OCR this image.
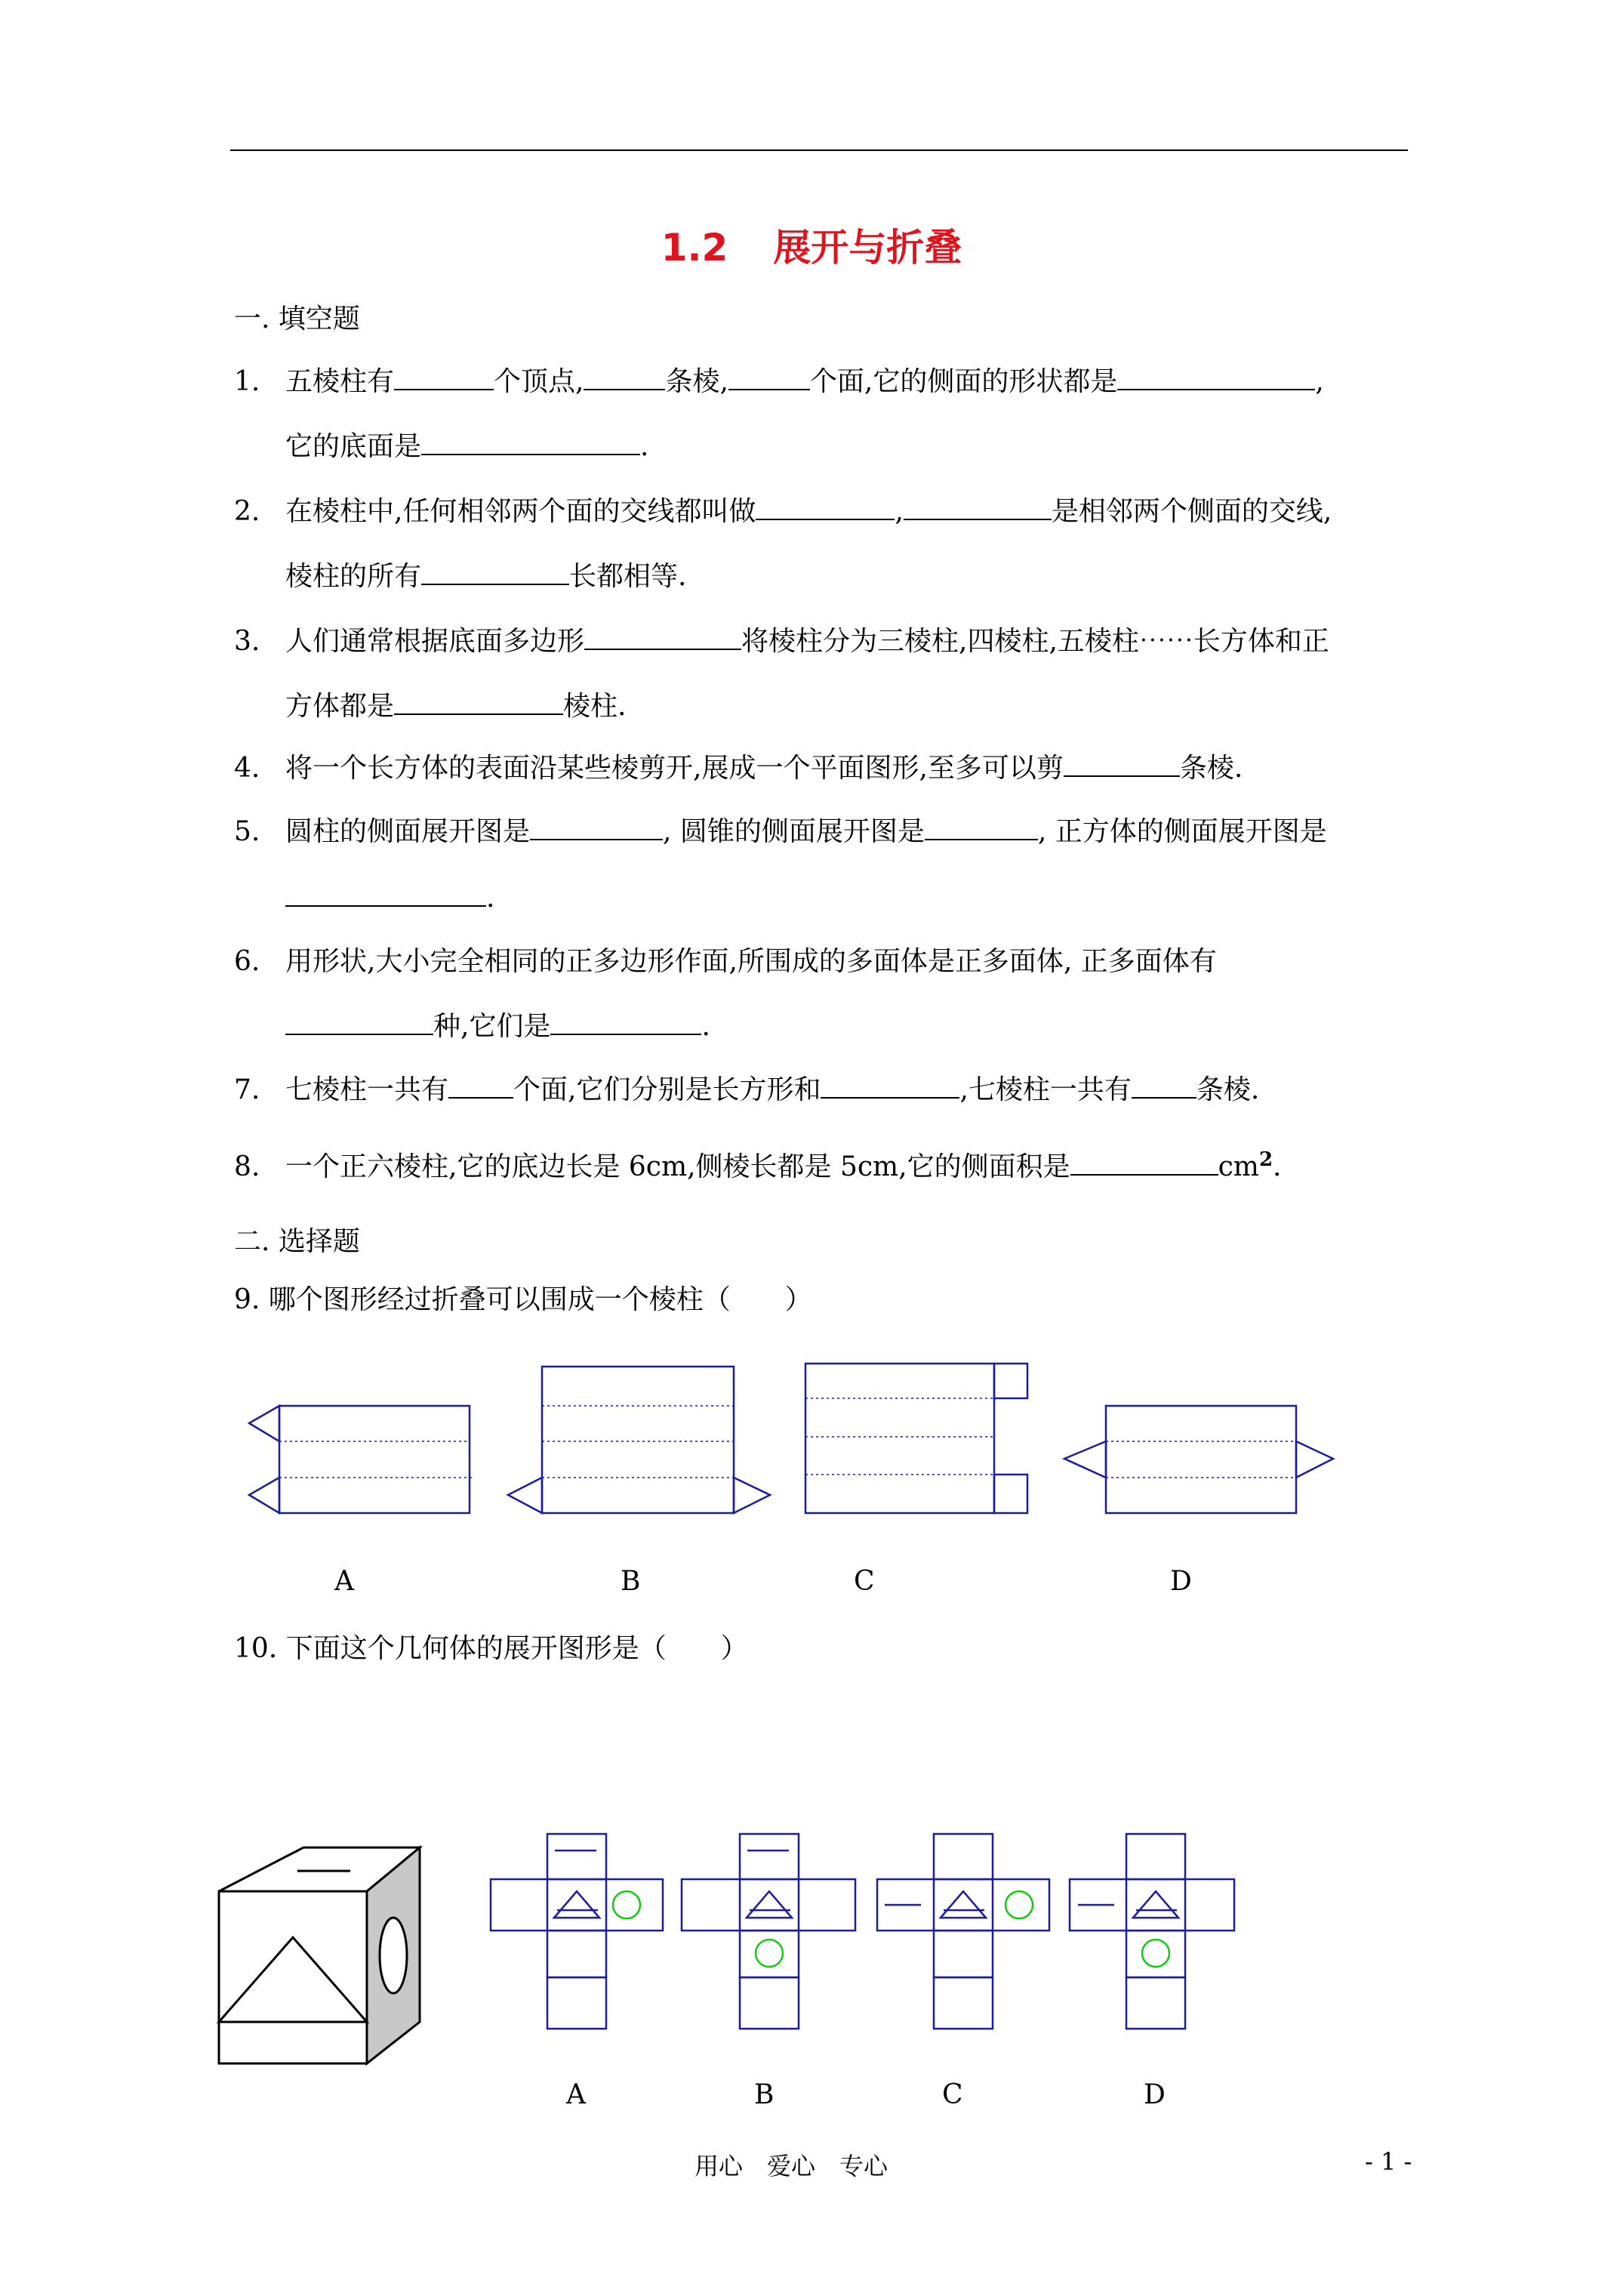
1.2 展开与折叠
一. 填空题
1. 五棱柱有	个顶点,	条棱,	个面,它的侧面的形状都是	,
它的底面是	.
2. 在棱柱中,任何相邻两个面的交线都叫做	,	是相邻两个侧面的交线,
棱柱的所有	长都相等.
3. 人们通常根据底面多边形	将棱柱分为三棱柱,四棱柱,五棱柱⋯⋯长方体和正
方体都是	棱柱.
4. 将一个长方体的表面沿某些棱剪开,展成一个平面图形,至多可以剪	条棱.
5. 圆柱的侧面展开图是	, 圆锥的侧面展开图是	, 正方体的侧面展开图是
.
6. 用形状,大小完全相同的正多边形作面,所围成的多面体是正多面体, 正多面体有
种,它们是	.
7. 七棱柱一共有 个面,它们分别是长方形和	,七棱柱一共有 条棱.
8. 一个正六棱柱,它的底边长是 6cm,侧棱长都是 5cm,它的侧面积是	$cm^2$.
二. 选择题
9. 哪个图形经过折叠可以围成一个棱柱（　　）
A	B	C	D
10. 下面这个几何体的展开图形是（　　）
A	B	C	D
用心　爱心　专心	- 1 -
